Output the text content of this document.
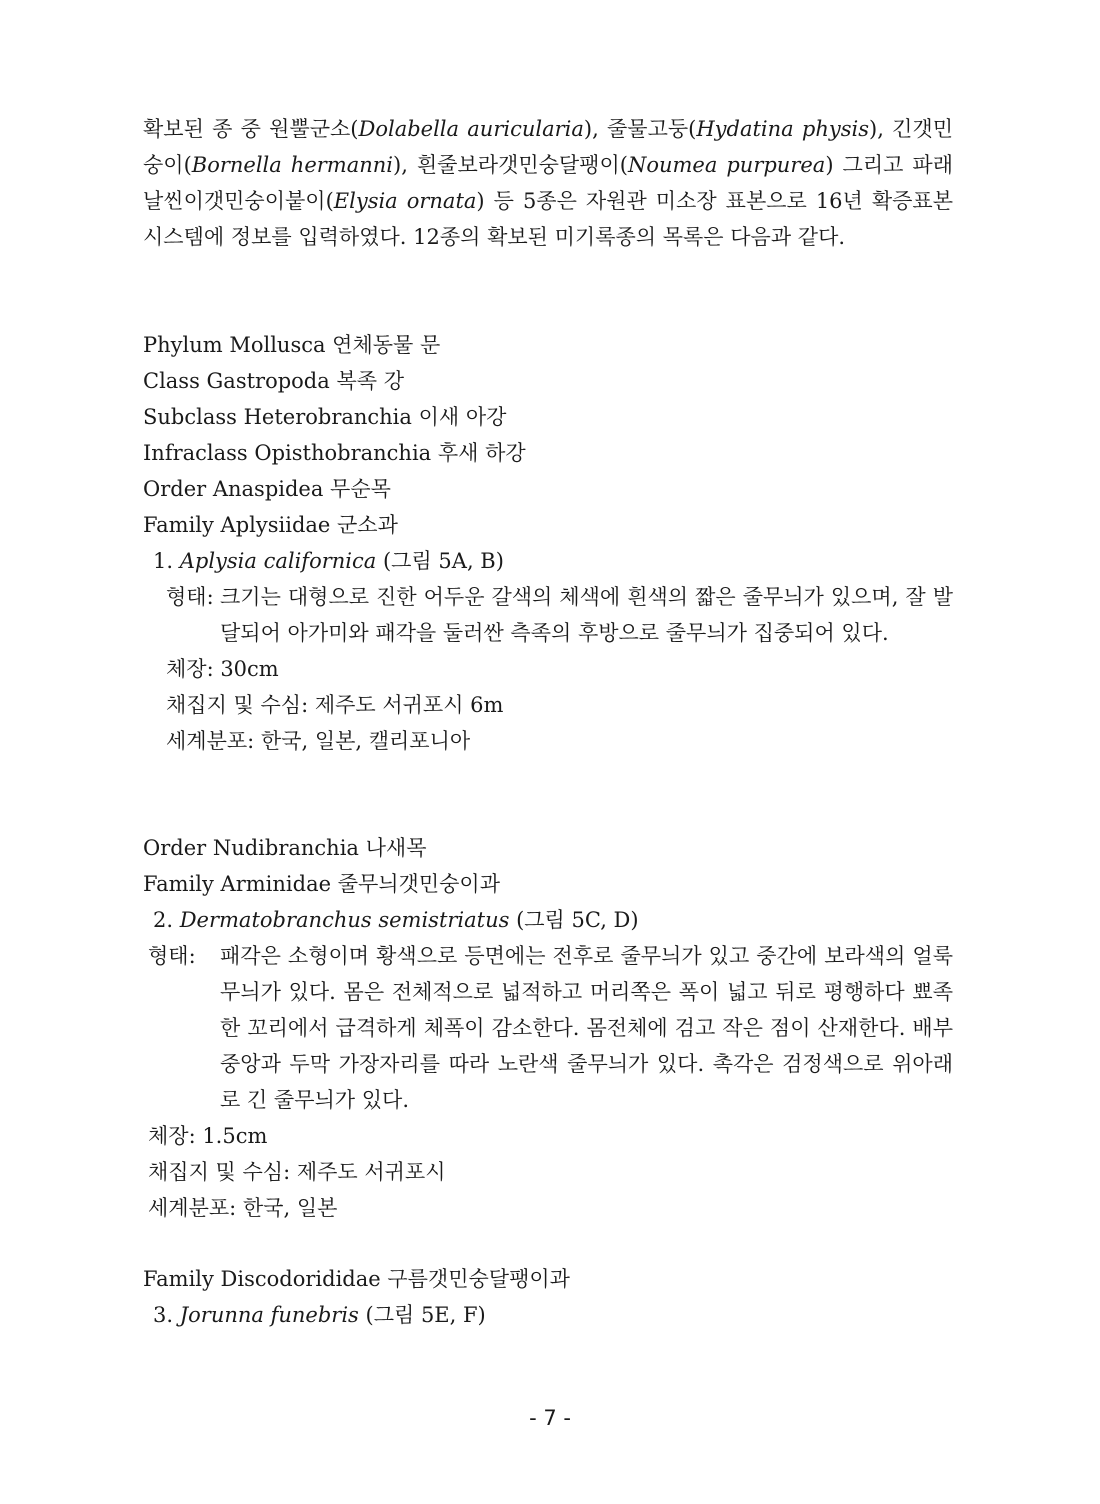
확보된 종 중 원뿔군소(Dolabella auricularia), 줄물고둥(Hydatina physis), 긴갯민숭이(Bornella hermanni), 흰줄보라갯민숭달팽이(Noumea purpurea) 그리고 파래날씬이갯민숭이붙이(Elysia ornata) 등 5종은 자원관 미소장 표본으로 16년 확증표본 시스템에 정보를 입력하였다. 12종의 확보된 미기록종의 목록은 다음과 같다.
Phylum Mollusca 연체동물 문
Class Gastropoda 복족 강
Subclass Heterobranchia 이새 아강
Infraclass Opisthobranchia 후새 하강
Order Anaspidea 무순목
Family Aplysiidae 군소과
1. Aplysia californica (그림 5A, B)
형태: 크기는 대형으로 진한 어두운 갈색의 체색에 흰색의 짧은 줄무늬가 있으며, 잘 발달되어 아가미와 패각을 둘러싼 측족의 후방으로 줄무늬가 집중되어 있다.
체장: 30cm
채집지 및 수심: 제주도 서귀포시 6m
세계분포: 한국, 일본, 캘리포니아
Order Nudibranchia 나새목
Family Arminidae 줄무늬갯민숭이과
2. Dermatobranchus semistriatus (그림 5C, D)
형태: 패각은 소형이며 황색으로 등면에는 전후로 줄무늬가 있고 중간에 보라색의 얼룩무늬가 있다. 몸은 전체적으로 넓적하고 머리쪽은 폭이 넓고 뒤로 평행하다 뾰족한 꼬리에서 급격하게 체폭이 감소한다. 몸전체에 검고 작은 점이 산재한다. 배부 중앙과 두막 가장자리를 따라 노란색 줄무늬가 있다. 촉각은 검정색으로 위아래로 긴 줄무늬가 있다.
체장: 1.5cm
채집지 및 수심: 제주도 서귀포시
세계분포: 한국, 일본
Family Discodorididae 구름갯민숭달팽이과
3. Jorunna funebris (그림 5E, F)
- 7 -
